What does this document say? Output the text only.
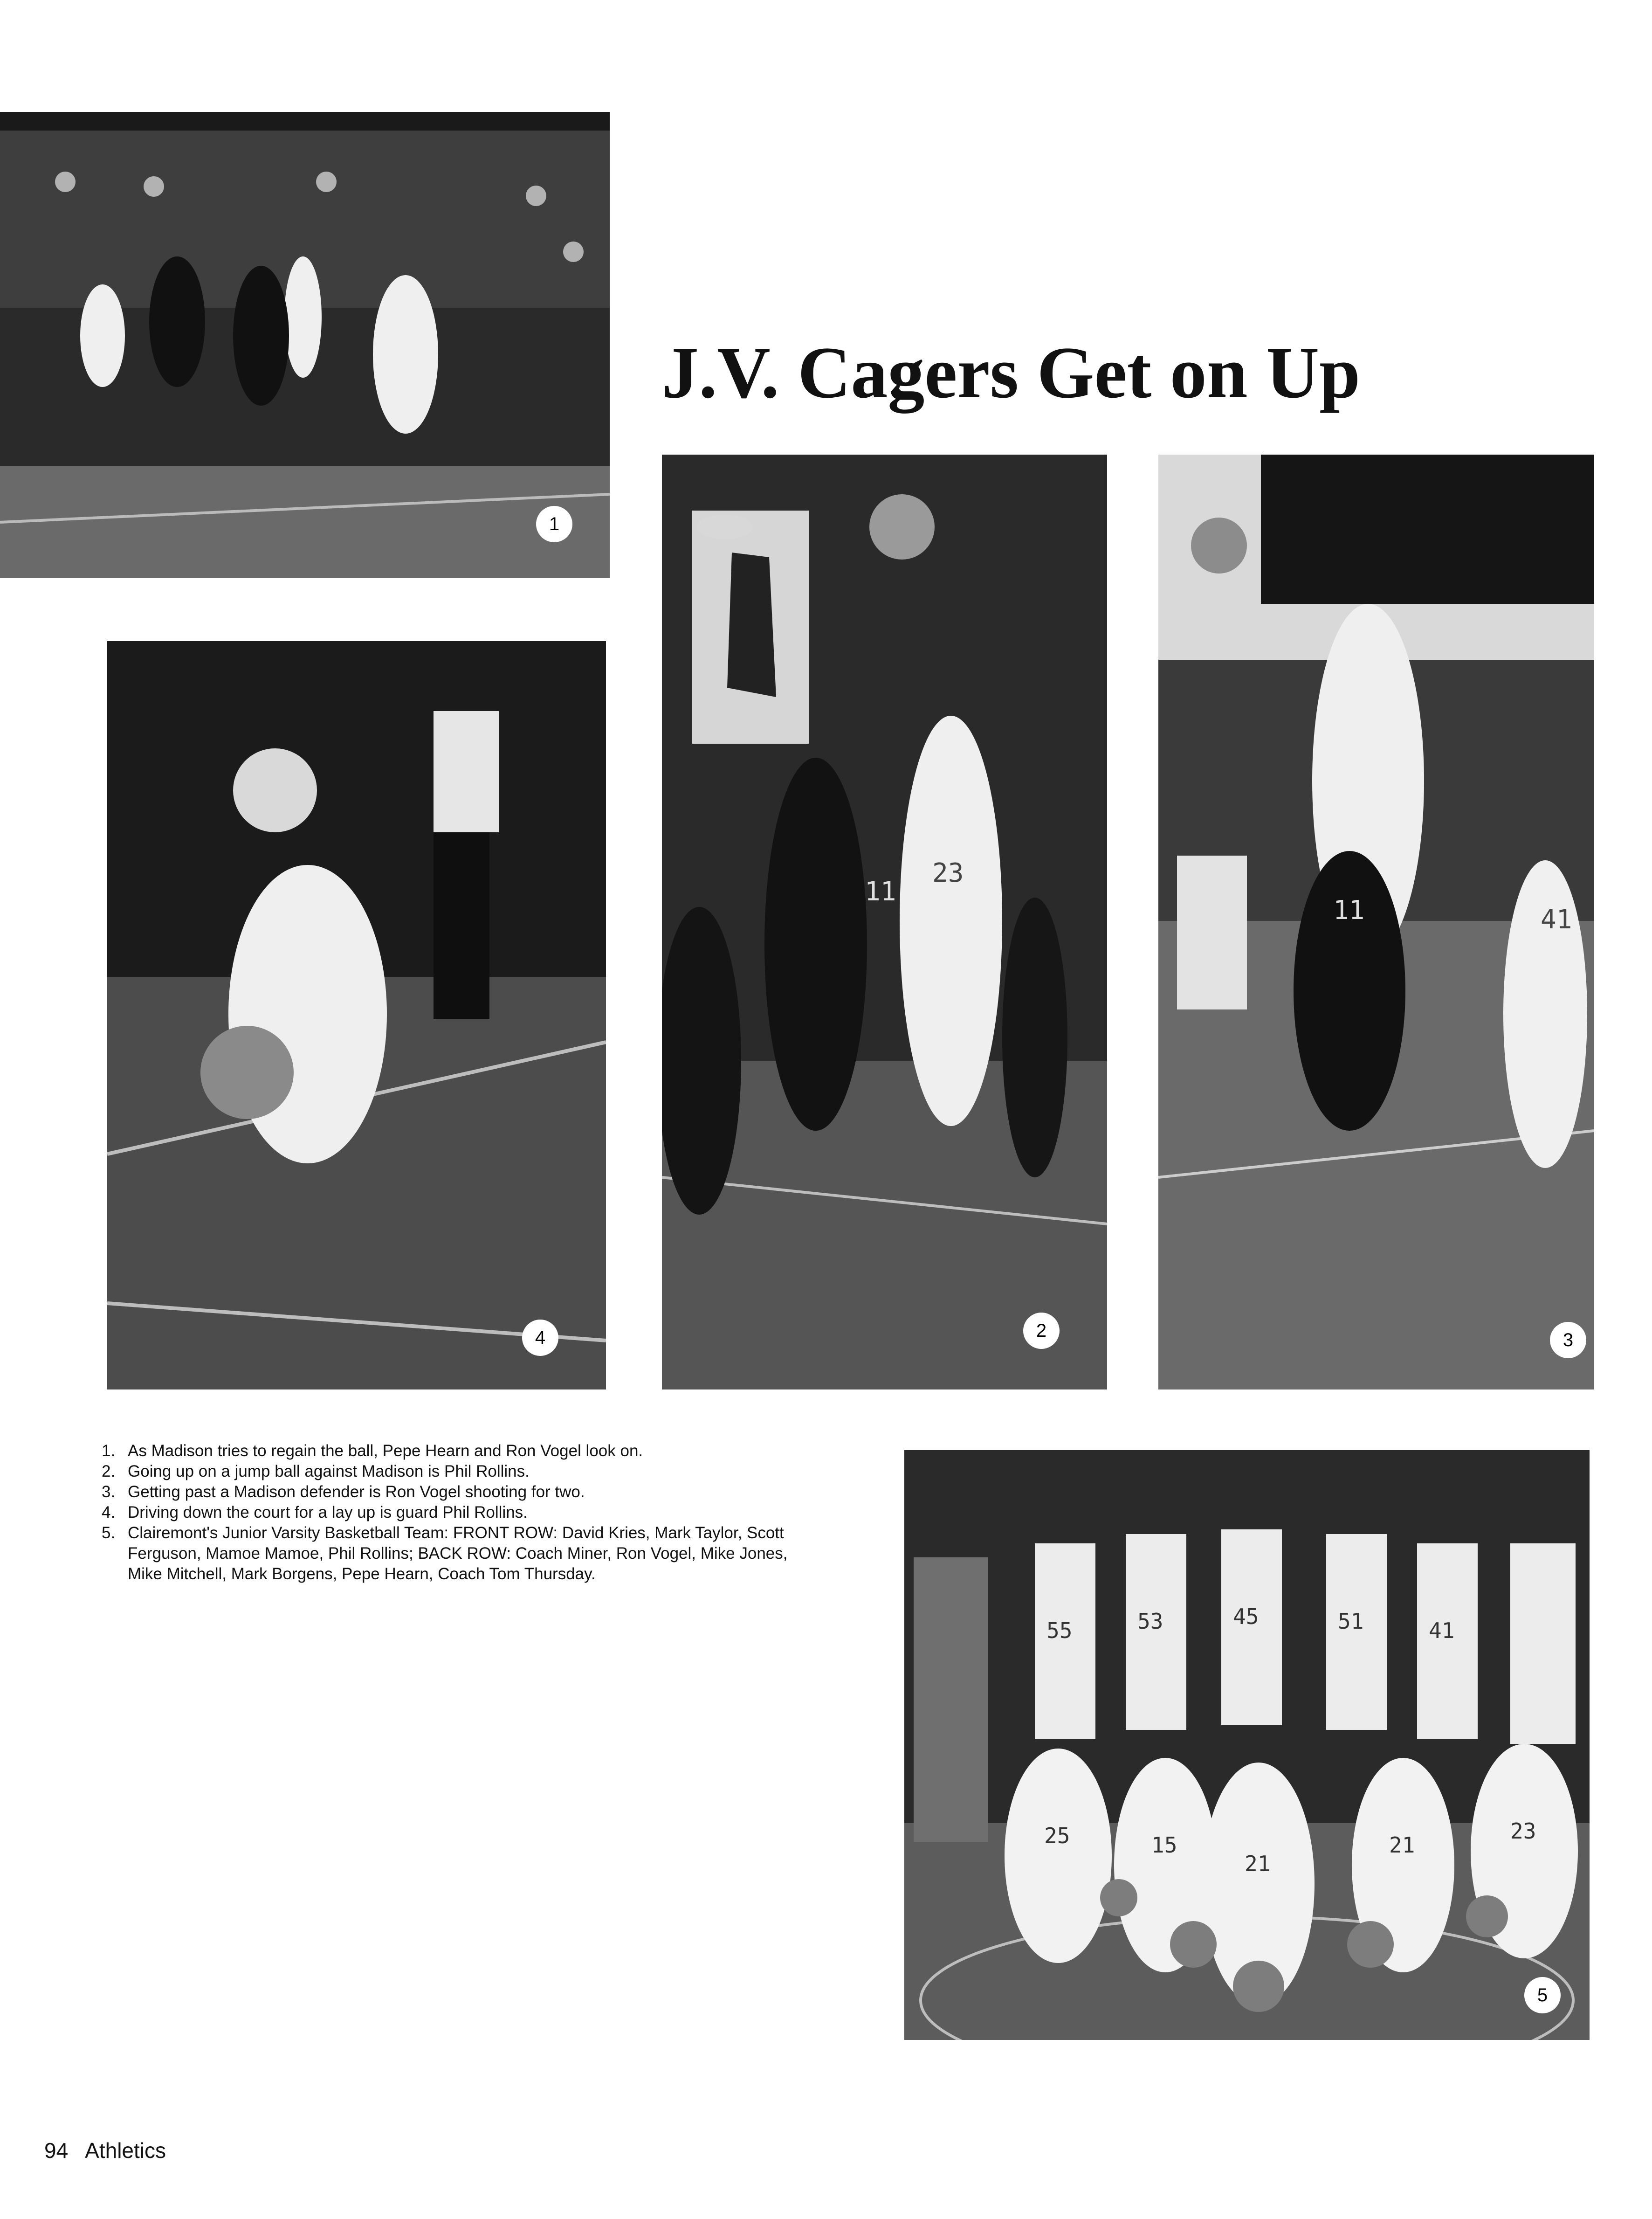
1
4	2	3
J.V. Cagers Get on Up
1. As Madison tries to regain the ball, Pepe Hearn and Ron Vogel look on.
2. Going up on a jump ball against Madison is Phil Rollins.
3. Getting past a Madison defender is Ron Vogel shooting for two.
4. Driving down the court for a lay up is guard Phil Rollins.
5. Clairemont's Junior Varsity Basketball Team: FRONT ROW: David Kries, Mark Taylor, Scott Ferguson, Mamoe Mamoe, Phil Rollins; BACK ROW: Coach Miner, Ron Vogel, Mike Jones, Mike Mitchell, Mark Borgens, Pepe Hearn, Coach Tom Thursday.
55	53	45	51	41
25	15
21
21
23
5
11
23
11	41
94 Athletics
